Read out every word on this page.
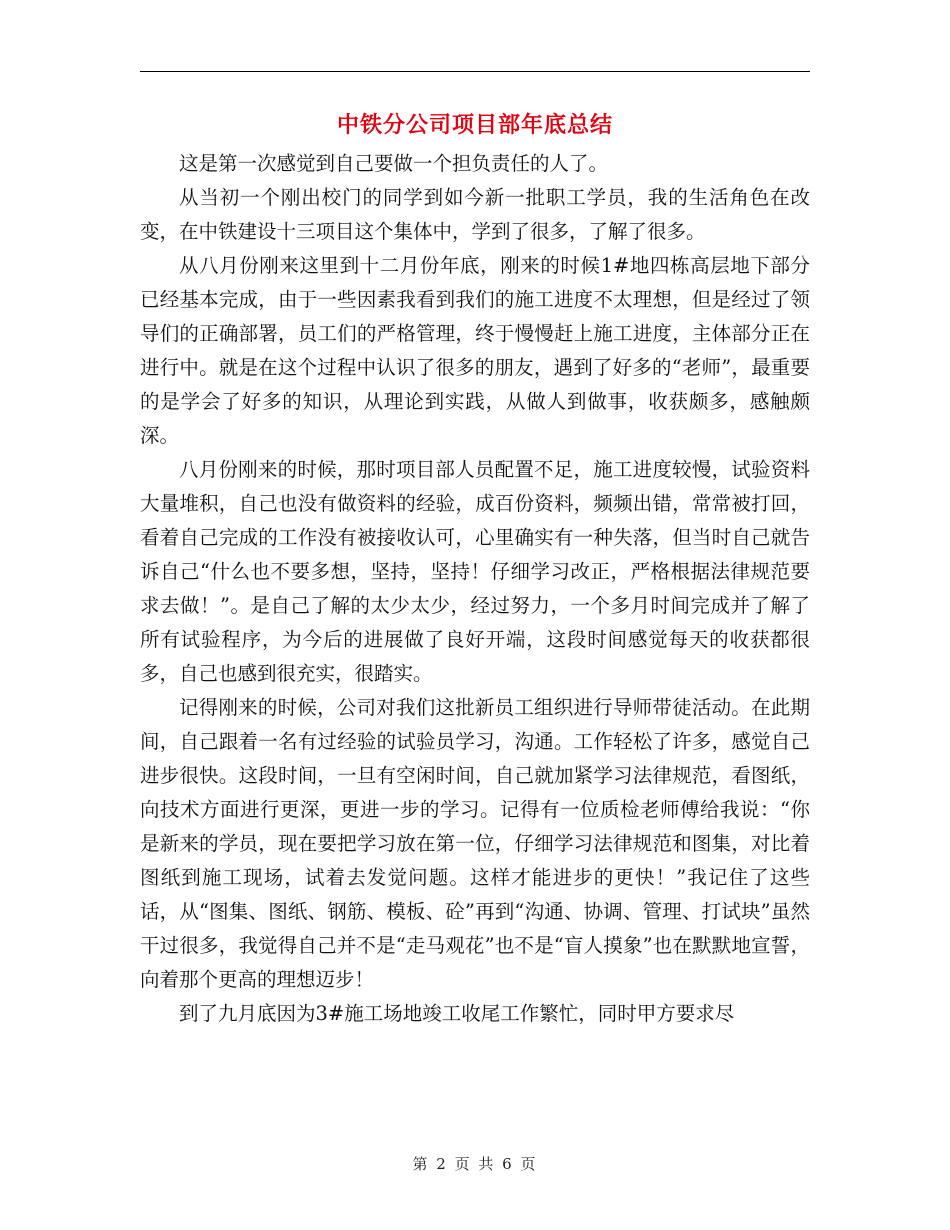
中铁分公司项目部年底总结

这是第一次感觉到自己要做一个担负责任的人了。

从当初一个刚出校门的同学到如今新一批职工学员，我的生活角色在改变，在中铁建设十三项目这个集体中，学到了很多，了解了很多。

从八月份刚来这里到十二月份年底，刚来的时候1#地四栋高层地下部分已经基本完成，由于一些因素我看到我们的施工进度不太理想，但是经过了领导们的正确部署，员工们的严格管理，终于慢慢赶上施工进度，主体部分正在进行中。就是在这个过程中认识了很多的朋友，遇到了好多的“老师”，最重要的是学会了好多的知识，从理论到实践，从做人到做事，收获颇多，感触颇深。

八月份刚来的时候，那时项目部人员配置不足，施工进度较慢，试验资料大量堆积，自己也没有做资料的经验，成百份资料，频频出错，常常被打回，看着自己完成的工作没有被接收认可，心里确实有一种失落，但当时自己就告诉自己“什么也不要多想，坚持，坚持！仔细学习改正，严格根据法律规范要求去做！”。是自己了解的太少太少，经过努力，一个多月时间完成并了解了所有试验程序，为今后的进展做了良好开端，这段时间感觉每天的收获都很多，自己也感到很充实，很踏实。

记得刚来的时候，公司对我们这批新员工组织进行导师带徒活动。在此期间，自己跟着一名有过经验的试验员学习，沟通。工作轻松了许多，感觉自己进步很快。这段时间，一旦有空闲时间，自己就加紧学习法律规范，看图纸，向技术方面进行更深，更进一步的学习。记得有一位质检老师傅给我说：“你是新来的学员，现在要把学习放在第一位，仔细学习法律规范和图集，对比着图纸到施工现场，试着去发觉问题。这样才能进步的更快！”我记住了这些话，从“图集、图纸、钢筋、模板、砼”再到“沟通、协调、管理、打试块”虽然干过很多，我觉得自己并不是“走马观花”也不是“盲人摸象”也在默默地宣誓，向着那个更高的理想迈步！

到了九月底因为3#施工场地竣工收尾工作繁忙，同时甲方要求尽

第 2 页 共 6 页
